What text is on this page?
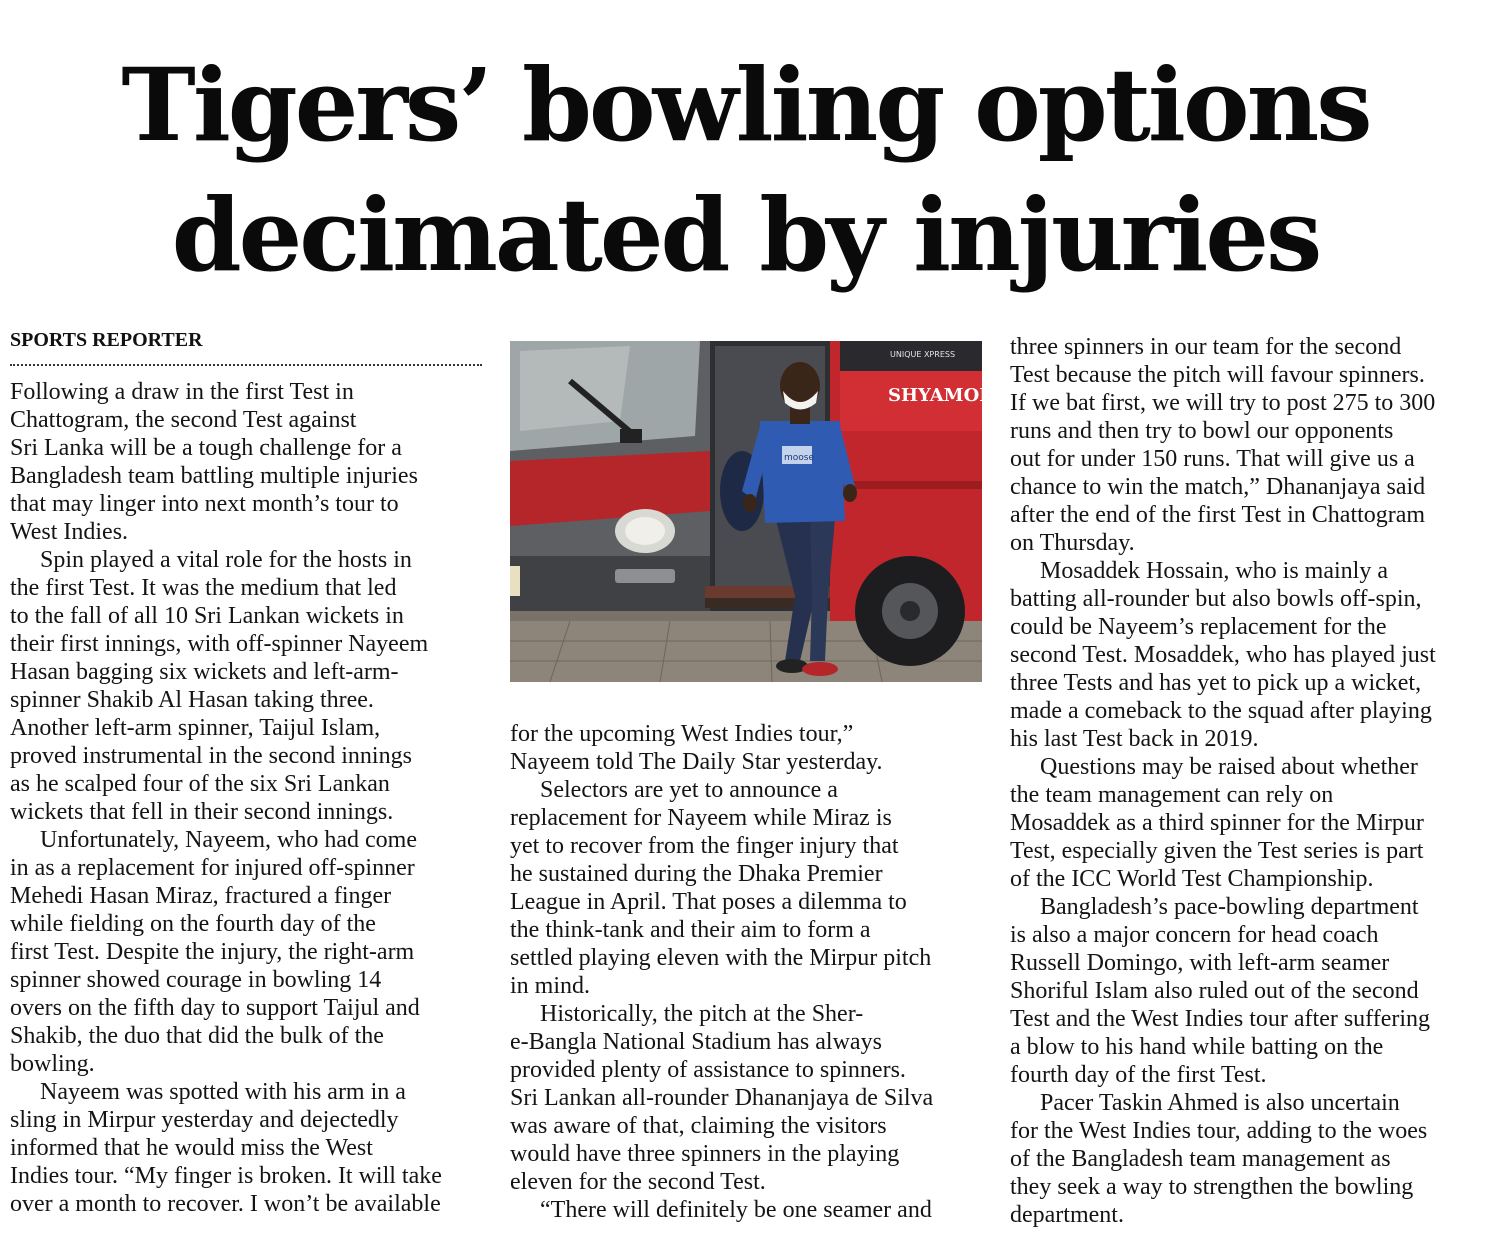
Tigers’ bowling options
decimated by injuries
SPORTS REPORTER

Following a draw in the first Test in
Chattogram, the second Test against
Sri Lanka will be a tough challenge for a
Bangladesh team battling multiple injuries
that may linger into next month’s tour to
West Indies.

Spin played a vital role for the hosts in
the first Test. It was the medium that led
to the fall of all 10 Sri Lankan wickets in
their first innings, with off-spinner Nayeem
Hasan bagging six wickets and left-arm-
spinner Shakib Al Hasan taking three.
Another left-arm spinner, Taijul Islam,
proved instrumental in the second innings
as he scalped four of the six Sri Lankan
wickets that fell in their second innings.

Unfortunately, Nayeem, who had come
in as a replacement for injured off-spinner
Mehedi Hasan Miraz, fractured a finger
while fielding on the fourth day of the
first Test. Despite the injury, the right-arm
spinner showed courage in bowling 14
overs on the fifth day to support Taijul and
Shakib, the duo that did the bulk of the
bowling.

Nayeem was spotted with his arm in a
sling in Mirpur yesterday and dejectedly
informed that he would miss the West
Indies tour. “My finger is broken. It will take
over a month to recover. I won’t be available

UNIQUE XPRESS
SHYAMOLI N
moose

for the upcoming West Indies tour,”
Nayeem told The Daily Star yesterday.

Selectors are yet to announce a
replacement for Nayeem while Miraz is
yet to recover from the finger injury that
he sustained during the Dhaka Premier
League in April. That poses a dilemma to
the think-tank and their aim to form a
settled playing eleven with the Mirpur pitch
in mind.

Historically, the pitch at the Sher-
e-Bangla National Stadium has always
provided plenty of assistance to spinners.
Sri Lankan all-rounder Dhananjaya de Silva
was aware of that, claiming the visitors
would have three spinners in the playing
eleven for the second Test.

“There will definitely be one seamer and

three spinners in our team for the second
Test because the pitch will favour spinners.
If we bat first, we will try to post 275 to 300
runs and then try to bowl our opponents
out for under 150 runs. That will give us a
chance to win the match,” Dhananjaya said
after the end of the first Test in Chattogram
on Thursday.

Mosaddek Hossain, who is mainly a
batting all-rounder but also bowls off-spin,
could be Nayeem’s replacement for the
second Test. Mosaddek, who has played just
three Tests and has yet to pick up a wicket,
made a comeback to the squad after playing
his last Test back in 2019.

Questions may be raised about whether
the team management can rely on
Mosaddek as a third spinner for the Mirpur
Test, especially given the Test series is part
of the ICC World Test Championship.

Bangladesh’s pace-bowling department
is also a major concern for head coach
Russell Domingo, with left-arm seamer
Shoriful Islam also ruled out of the second
Test and the West Indies tour after suffering
a blow to his hand while batting on the
fourth day of the first Test.

Pacer Taskin Ahmed is also uncertain
for the West Indies tour, adding to the woes
of the Bangladesh team management as
they seek a way to strengthen the bowling
department.
